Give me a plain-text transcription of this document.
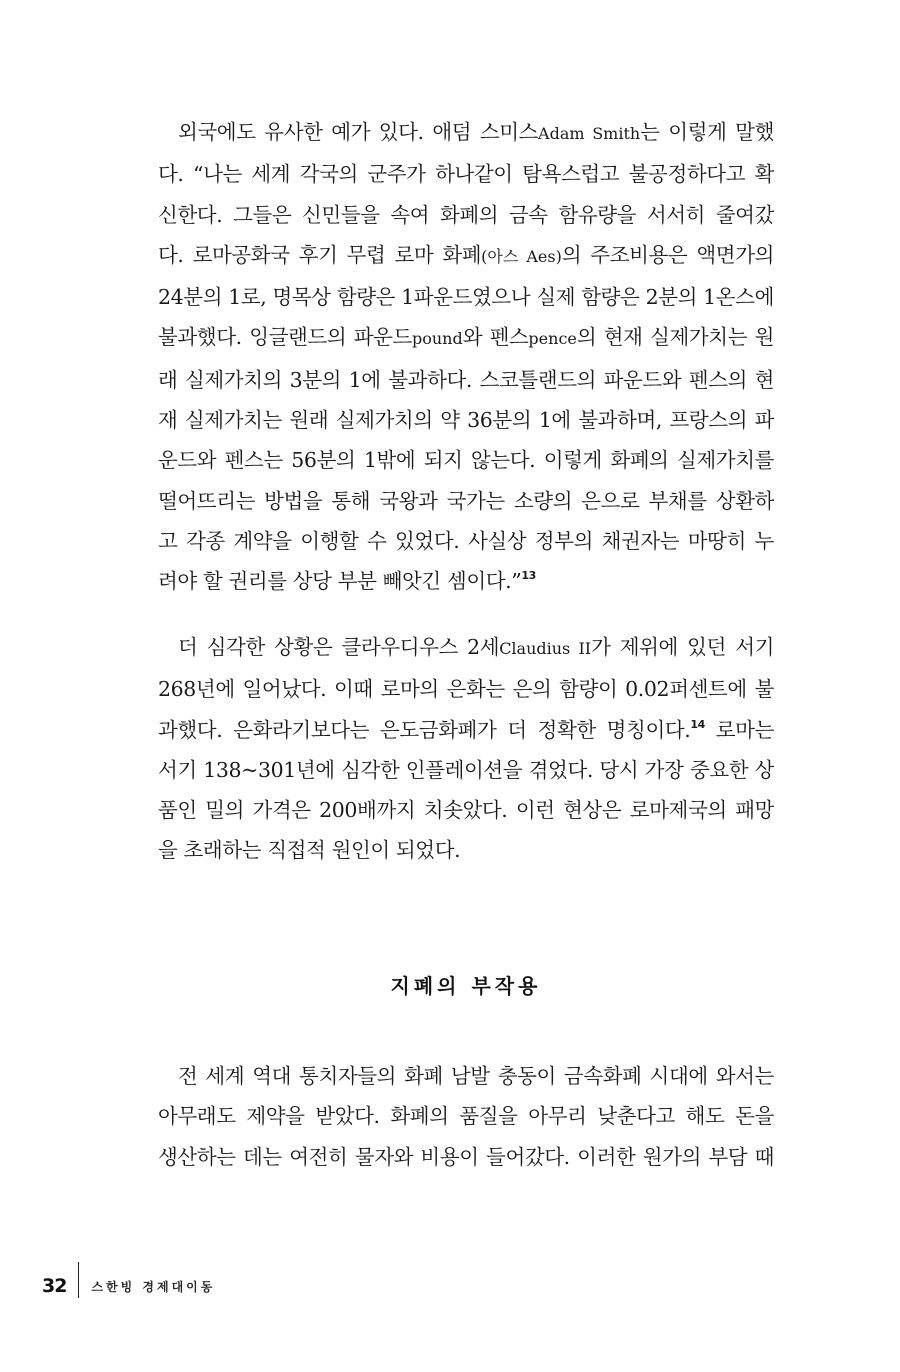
외국에도 유사한 예가 있다. 애덤 스미스Adam Smith는 이렇게 말했
다. “나는 세계 각국의 군주가 하나같이 탐욕스럽고 불공정하다고 확
신한다. 그들은 신민들을 속여 화폐의 금속 함유량을 서서히 줄여갔
다. 로마공화국 후기 무렵 로마 화폐(아스 Aes)의 주조비용은 액면가의
24분의 1로, 명목상 함량은 1파운드였으나 실제 함량은 2분의 1온스에
불과했다. 잉글랜드의 파운드pound와 펜스pence의 현재 실제가치는 원
래 실제가치의 3분의 1에 불과하다. 스코틀랜드의 파운드와 펜스의 현
재 실제가치는 원래 실제가치의 약 36분의 1에 불과하며, 프랑스의 파
운드와 펜스는 56분의 1밖에 되지 않는다. 이렇게 화폐의 실제가치를
떨어뜨리는 방법을 통해 국왕과 국가는 소량의 은으로 부채를 상환하
고 각종 계약을 이행할 수 있었다. 사실상 정부의 채권자는 마땅히 누
려야 할 권리를 상당 부분 빼앗긴 셈이다.”$^{13}$
더 심각한 상황은 클라우디우스 2세Claudius II가 제위에 있던 서기
268년에 일어났다. 이때 로마의 은화는 은의 함량이 0.02퍼센트에 불
과했다. 은화라기보다는 은도금화폐가 더 정확한 명칭이다.$^{14}$ 로마는
서기 138~301년에 심각한 인플레이션을 겪었다. 당시 가장 중요한 상
품인 밀의 가격은 200배까지 치솟았다. 이런 현상은 로마제국의 패망
을 초래하는 직접적 원인이 되었다.
지폐의 부작용
전 세계 역대 통치자들의 화폐 남발 충동이 금속화폐 시대에 와서는
아무래도 제약을 받았다. 화폐의 품질을 아무리 낮춘다고 해도 돈을
생산하는 데는 여전히 물자와 비용이 들어갔다. 이러한 원가의 부담 때
32 스한빙 경제대이동
